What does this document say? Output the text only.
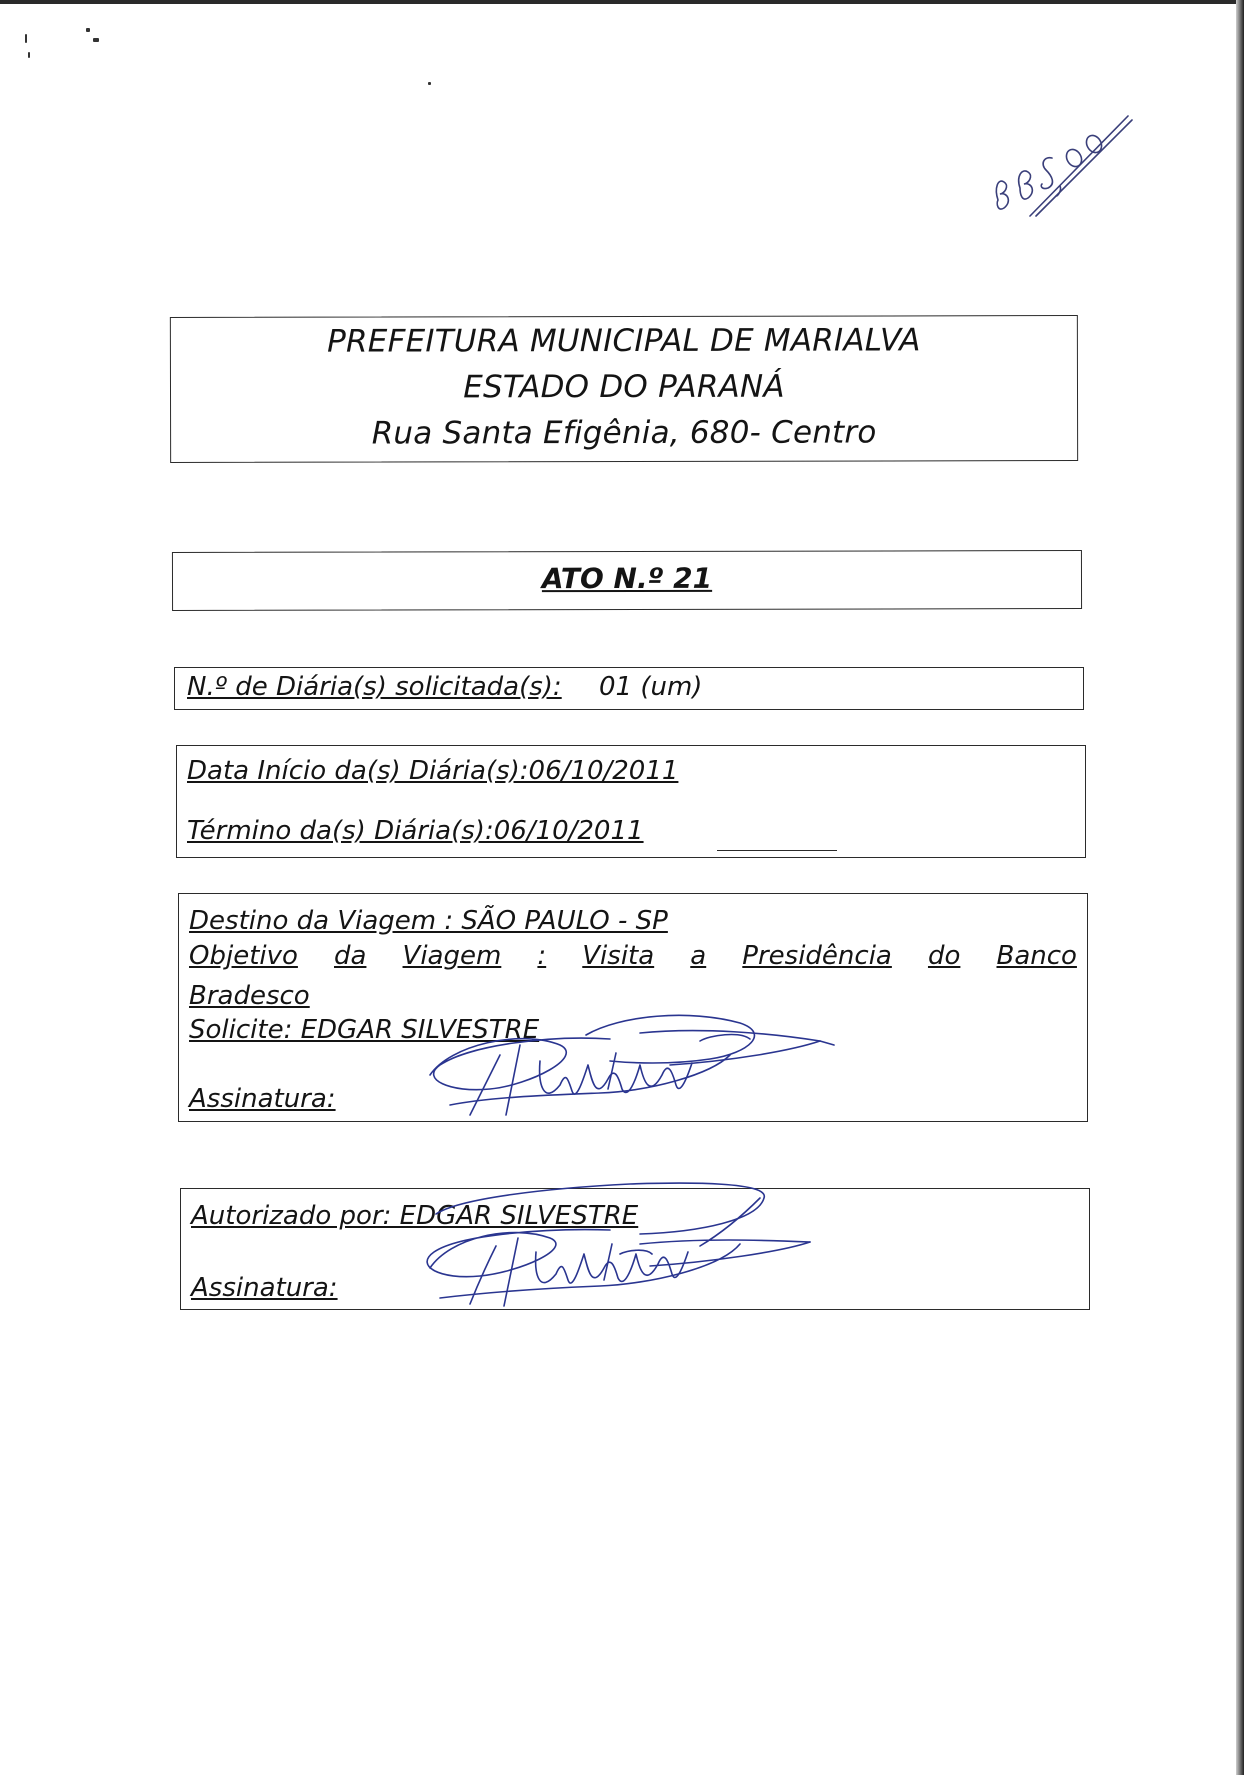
PREFEITURA MUNICIPAL DE MARIALVA
ESTADO DO PARANÁ
Rua Santa Efigênia, 680- Centro
ATO N.º 21
N.º de Diária(s) solicitada(s): 01 (um)
Data Início da(s) Diária(s):06/10/2011
Término da(s) Diária(s):06/10/2011
Destino da Viagem : SÃO PAULO - SP
Objetivo da Viagem : Visita a Presidência do Banco
Bradesco
Solicite: EDGAR SILVESTRE
Assinatura:
Autorizado por: EDGAR SILVESTRE
Assinatura:
